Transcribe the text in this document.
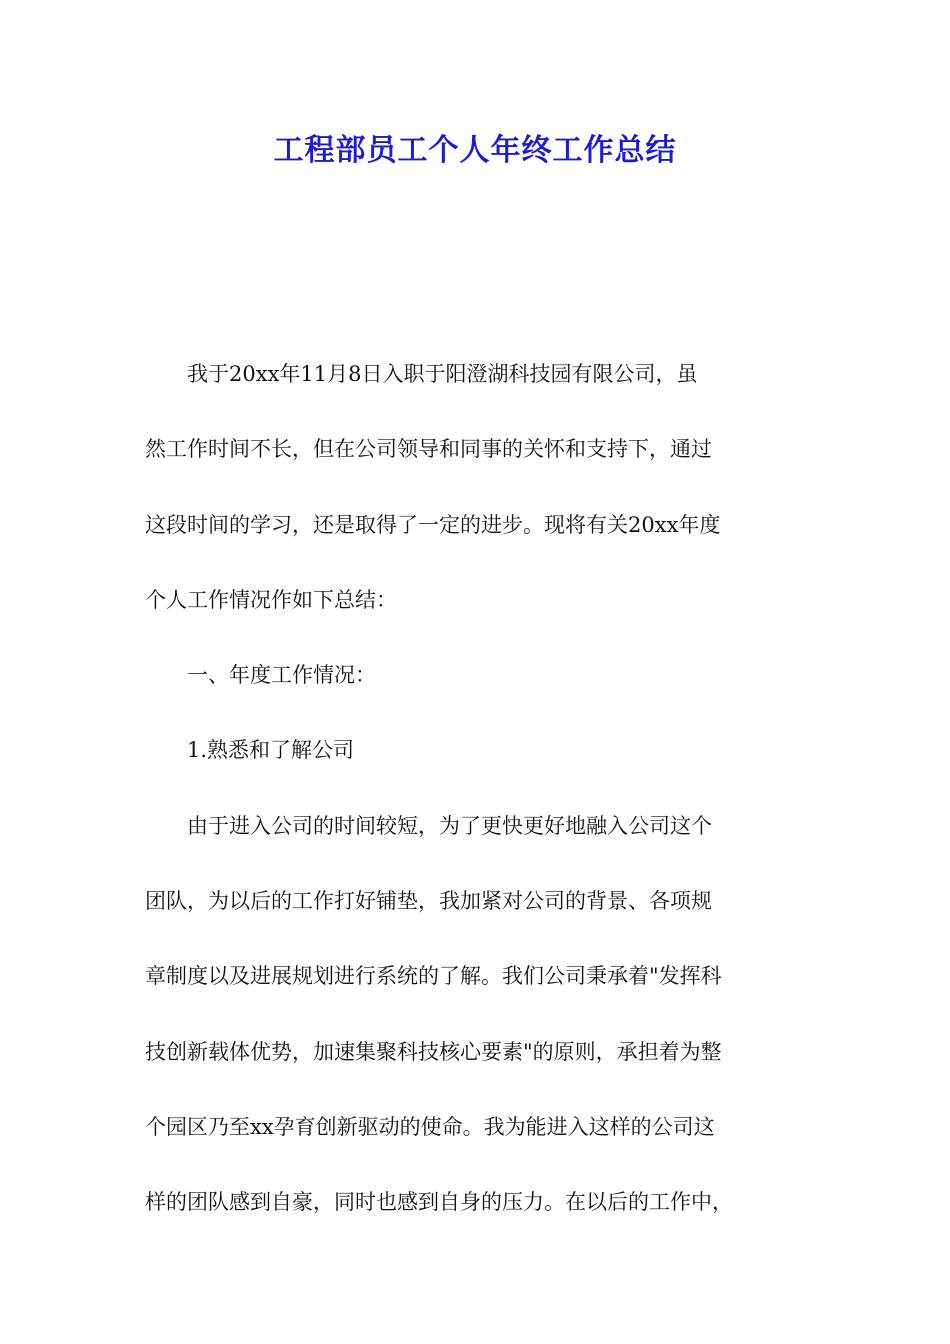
工程部员工个人年终工作总结

我于20xx年11月8日入职于阳澄湖科技园有限公司，虽
然工作时间不长，但在公司领导和同事的关怀和支持下，通过
这段时间的学习，还是取得了一定的进步。现将有关20xx年度
个人工作情况作如下总结：

一、年度工作情况：

1.熟悉和了解公司

由于进入公司的时间较短，为了更快更好地融入公司这个
团队，为以后的工作打好铺垫，我加紧对公司的背景、各项规
章制度以及进展规划进行系统的了解。我们公司秉承着"发挥科
技创新载体优势，加速集聚科技核心要素"的原则，承担着为整
个园区乃至xx孕育创新驱动的使命。我为能进入这样的公司这
样的团队感到自豪，同时也感到自身的压力。在以后的工作中，
